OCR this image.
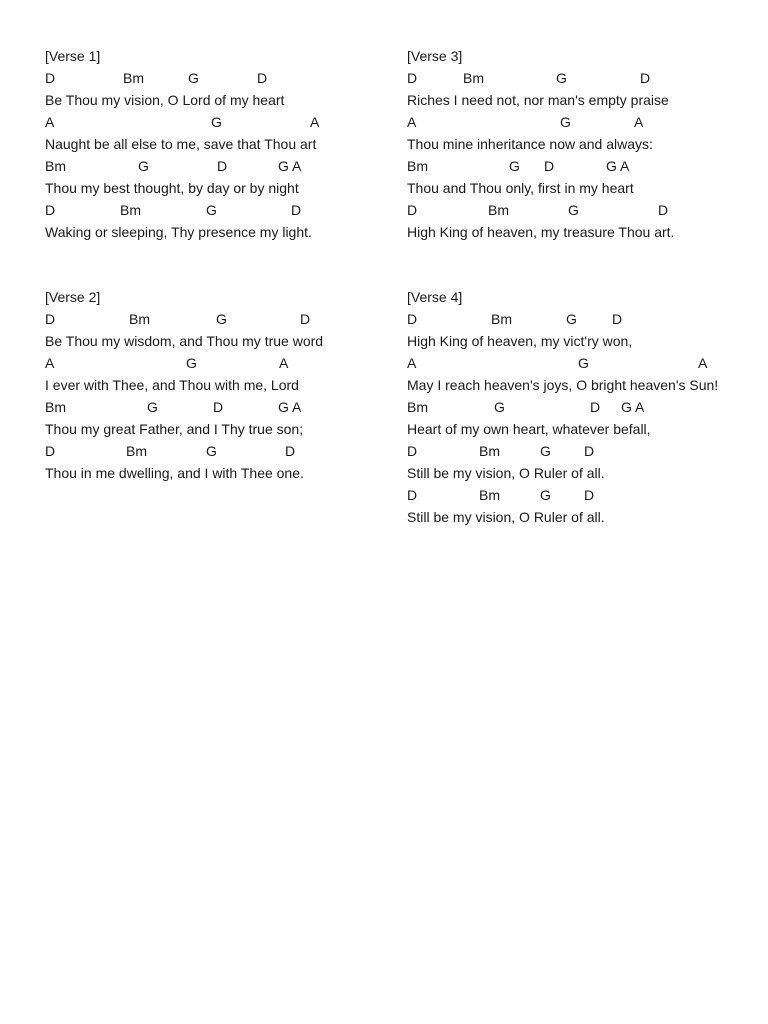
[Verse 1]
D	Bm	G	D
Be Thou my vision, O Lord of my heart
A	G	A
Naught be all else to me, save that Thou art
Bm	G	D	G A
Thou my best thought, by day or by night
D	Bm	G	D
Waking or sleeping, Thy presence my light.
[Verse 2]
D	Bm	G	D
Be Thou my wisdom, and Thou my true word
A	G	A
I ever with Thee, and Thou with me, Lord
Bm	G	D	G A
Thou my great Father, and I Thy true son;
D	Bm	G	D
Thou in me dwelling, and I with Thee one.
[Verse 3]
D	Bm	G	D
Riches I need not, nor man's empty praise
A	G	A
Thou mine inheritance now and always:
Bm	G D	G A
Thou and Thou only, first in my heart
D	Bm	G	D
High King of heaven, my treasure Thou art.
[Verse 4]
D	Bm	G	D
High King of heaven, my vict'ry won,
A	G	A
May I reach heaven's joys, O bright heaven's Sun!
Bm	G	D G A
Heart of my own heart, whatever befall,
D	Bm	G D
Still be my vision, O Ruler of all.
D	Bm	G D
Still be my vision, O Ruler of all.
